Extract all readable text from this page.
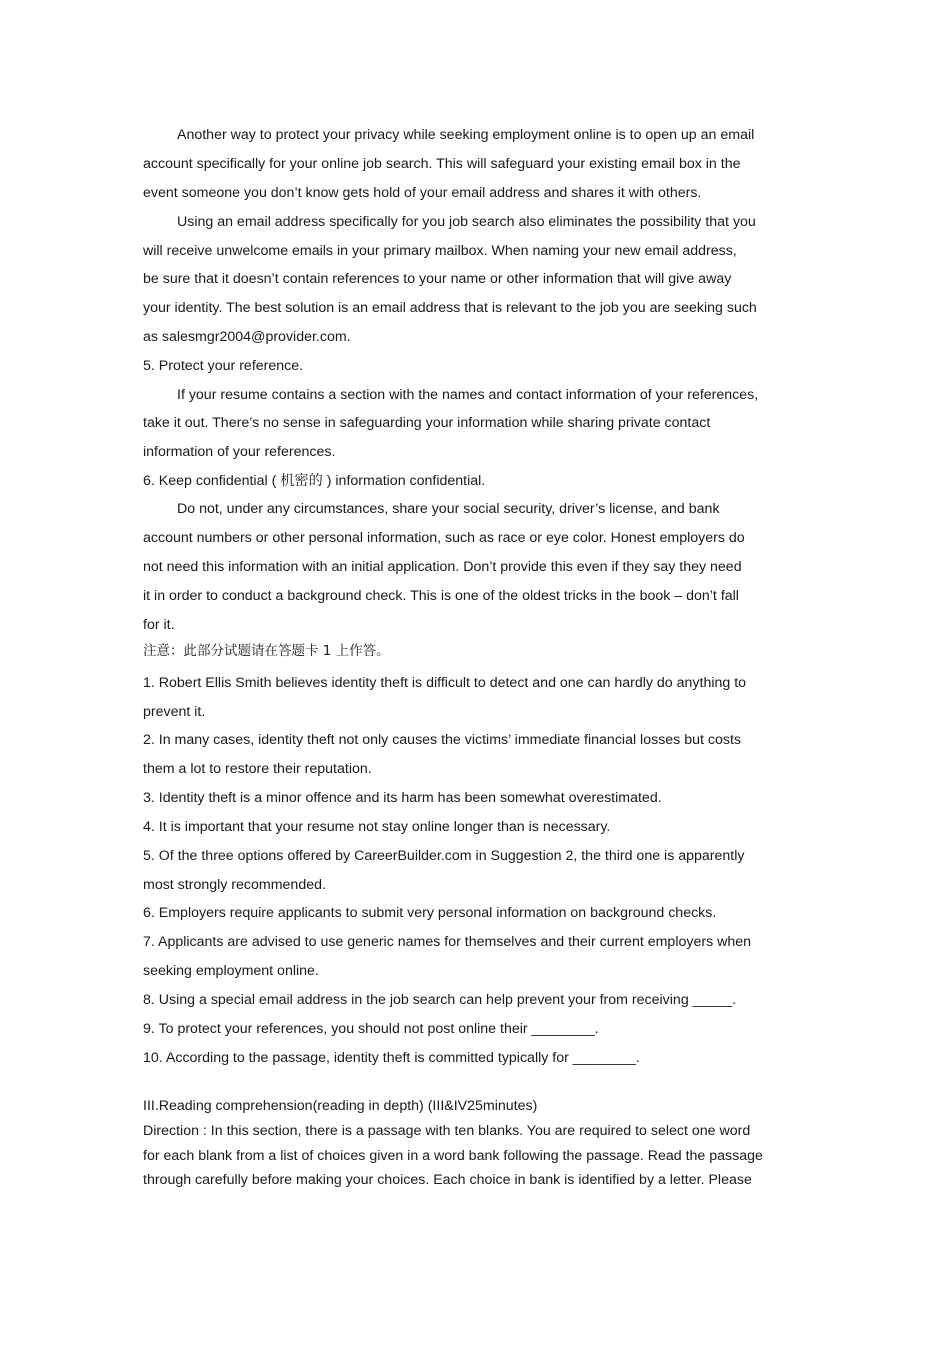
Another way to protect your privacy while seeking employment online is to open up an email
account specifically for your online job search. This will safeguard your existing email box in the
event someone you don’t know gets hold of your email address and shares it with others.
Using an email address specifically for you job search also eliminates the possibility that you
will receive unwelcome emails in your primary mailbox. When naming your new email address,
be sure that it doesn’t contain references to your name or other information that will give away
your identity. The best solution is an email address that is relevant to the job you are seeking such
as salesmgr2004@provider.com.
5. Protect your reference.
If your resume contains a section with the names and contact information of your references,
take it out. There’s no sense in safeguarding your information while sharing private contact
information of your references.
6. Keep confidential ( 机密的 ) information confidential.
Do not, under any circumstances, share your social security, driver’s license, and bank
account numbers or other personal information, such as race or eye color. Honest employers do
not need this information with an initial application. Don’t provide this even if they say they need
it in order to conduct a background check. This is one of the oldest tricks in the book – don’t fall
for it.
注意：此部分试题请在答题卡 1 上作答。
1. Robert Ellis Smith believes identity theft is difficult to detect and one can hardly do anything to
prevent it.
2. In many cases, identity theft not only causes the victims’ immediate financial losses but costs
them a lot to restore their reputation.
3. Identity theft is a minor offence and its harm has been somewhat overestimated.
4. It is important that your resume not stay online longer than is necessary.
5. Of the three options offered by CareerBuilder.com in Suggestion 2, the third one is apparently
most strongly recommended.
6. Employers require applicants to submit very personal information on background checks.
7. Applicants are advised to use generic names for themselves and their current employers when
seeking employment online.
8. Using a special email address in the job search can help prevent your from receiving _____.
9. To protect your references, you should not post online their ________.
10. According to the passage, identity theft is committed typically for ________.
III.Reading comprehension(reading in depth) (III&IV25minutes)
Direction : In this section, there is a passage with ten blanks. You are required to select one word
for each blank from a list of choices given in a word bank following the passage. Read the passage
through carefully before making your choices. Each choice in bank is identified by a letter. Please
